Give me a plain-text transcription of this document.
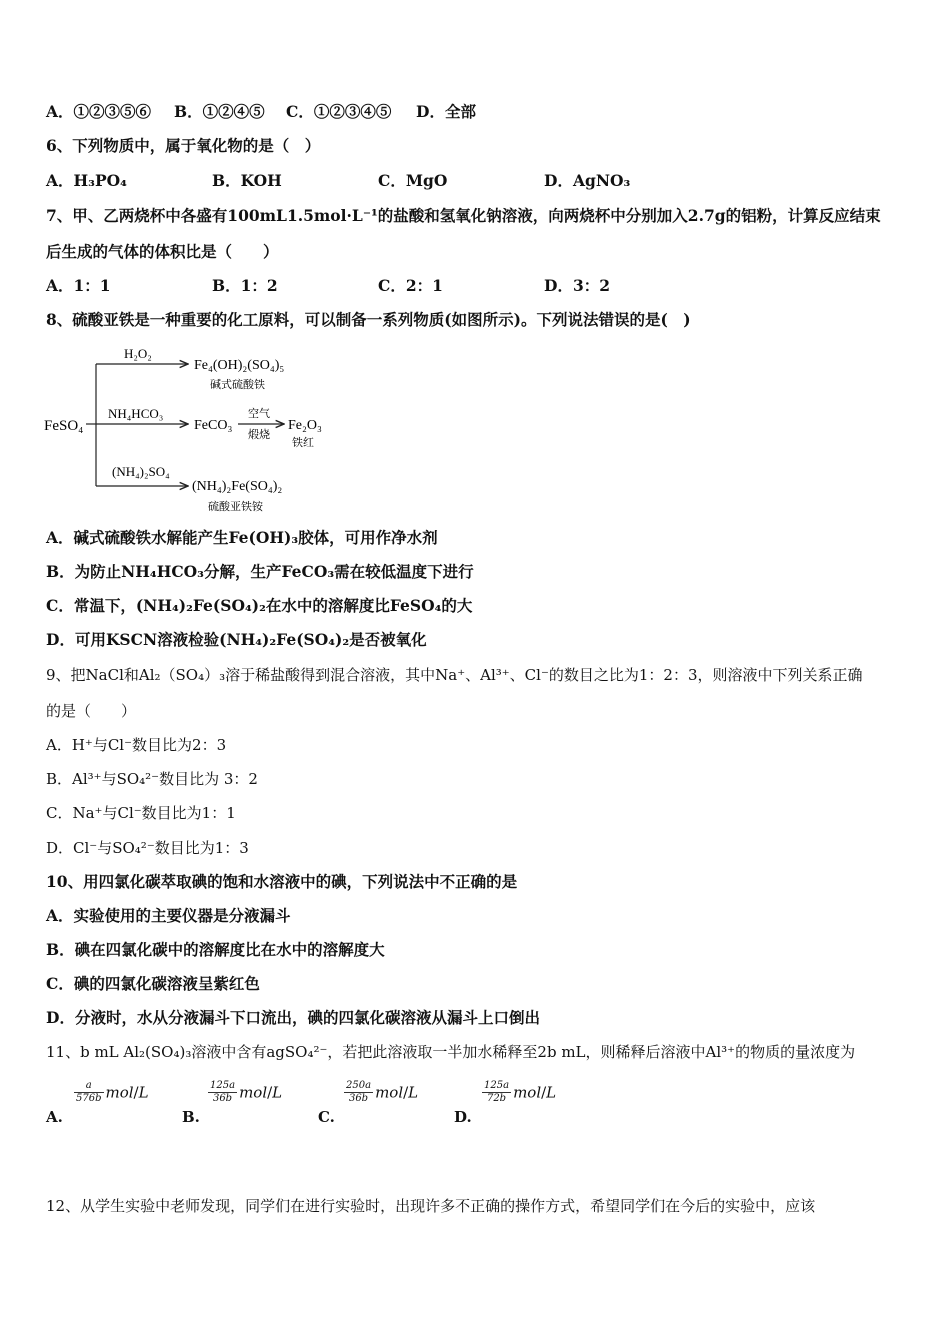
A．①②③⑤⑥ B．①②④⑤ C．①②③④⑤ D．全部
6、下列物质中，属于氧化物的是（　）
A．H₃PO₄	B．KOH	C．MgO	D．AgNO₃
7、甲、乙两烧杯中各盛有100mL1.5mol·L⁻¹的盐酸和氢氧化钠溶液，向两烧杯中分别加入2.7g的铝粉，计算反应结束
后生成的气体的体积比是（　　）
A．1：1	B．1：2	C．2：1	D．3：2
8、硫酸亚铁是一种重要的化工原料，可以制备一系列物质(如图所示)。下列说法错误的是(　)
FeSO₄
H₂O₂
Fe₄(OH)₂(SO₄)₅
碱式硫酸铁
NH₄HCO₃
FeCO₃
空气
煅烧
Fe₂O₃
铁红
(NH₄)₂SO₄
(NH₄)₂Fe(SO₄)₂
硫酸亚铁铵
A．碱式硫酸铁水解能产生Fe(OH)₃胶体，可用作净水剂
B．为防止NH₄HCO₃分解，生产FeCO₃需在较低温度下进行
C．常温下，(NH₄)₂Fe(SO₄)₂在水中的溶解度比FeSO₄的大
D．可用KSCN溶液检验(NH₄)₂Fe(SO₄)₂是否被氧化
9、把NaCl和Al₂（SO₄）₃溶于稀盐酸得到混合溶液，其中Na⁺、Al³⁺、Cl⁻的数目之比为1：2：3，则溶液中下列关系正确
的是（　　）
A．H⁺与Cl⁻数目比为2：3
B．Al³⁺与SO₄²⁻数目比为 3：2
C．Na⁺与Cl⁻数目比为1：1
D．Cl⁻与SO₄²⁻数目比为1：3
10、用四氯化碳萃取碘的饱和水溶液中的碘，下列说法中不正确的是
A．实验使用的主要仪器是分液漏斗
B．碘在四氯化碳中的溶解度比在水中的溶解度大
C．碘的四氯化碳溶液呈紫红色
D．分液时，水从分液漏斗下口流出，碘的四氯化碳溶液从漏斗上口倒出
11、b mL Al₂(SO₄)₃溶液中含有agSO₄²⁻，若把此溶液取一半加水稀释至2b mL，则稀释后溶液中Al³⁺的物质的量浓度为
A.
$\frac{\text{𝑎}}{\text{576𝑏}}$ 𝑚𝑜𝑙/𝐿
B.
$\frac{\text{125𝑎}}{\text{36𝑏}}$ 𝑚𝑜𝑙/𝐿
C.
$\frac{\text{250𝑎}}{\text{36𝑏}}$ 𝑚𝑜𝑙/𝐿
D.
$\frac{\text{125𝑎}}{\text{72𝑏}}$ 𝑚𝑜𝑙/𝐿
12、从学生实验中老师发现，同学们在进行实验时，出现许多不正确的操作方式，希望同学们在今后的实验中，应该
